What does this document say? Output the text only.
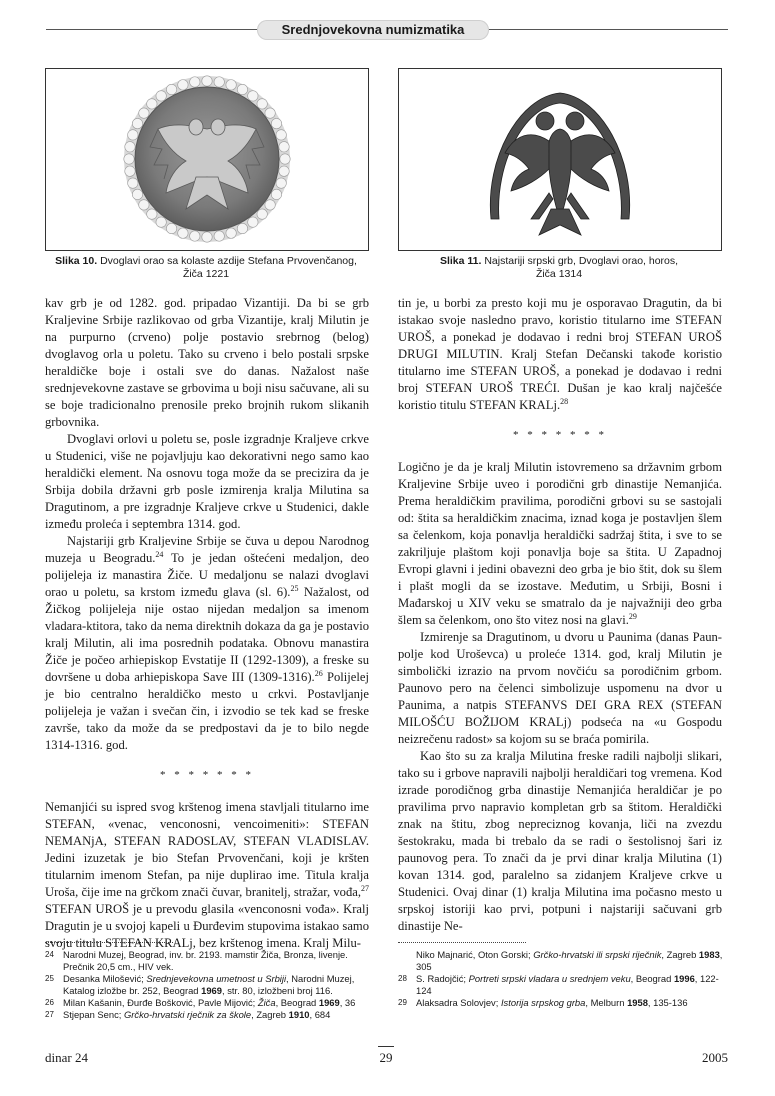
Srednjovekovna numizmatika
Slika 10. Dvoglavi orao sa kolaste azdije Stefana Prvovenčanog,
Žiča 1221
Slika 11. Najstariji srpski grb, Dvoglavi orao, horos,
Žiča 1314

kav grb je od 1282. god. pripadao Vizantiji. Da bi se grb Kraljevine Srbije razlikovao od grba Vizantije, kralj Milutin je na purpurno (crveno) polje postavio srebrnog (belog) dvoglavog orla u poletu. Tako su crveno i belo postali srpske heraldičke boje i ostali sve do danas. Nažalost naše srednjevekovne zastave se grbovima u boji nisu sačuvane, ali su se boje tradicionalno prenosile preko brojnih rukom slikanih grbovnika.

Dvoglavi orlovi u poletu se, posle izgradnje Kraljeve crkve u Studenici, više ne pojavljuju kao dekorativni nego samo kao heraldički element. Na osnovu toga može da se precizira da je Srbija dobila državni grb posle izmirenja kralja Milutina sa Dragutinom, a pre izgradnje Kraljeve crkve u Studenici, dakle između proleća i septembra 1314. god.

Najstariji grb Kraljevine Srbije se čuva u depou Narodnog muzeja u Beogradu.$^{24}$ To je jedan oštećeni medaljon, deo polijeleja iz manastira Žiče. U medaljonu se nalazi dvoglavi orao u poletu, sa krstom između glava (sl. 6).$^{25}$ Nažalost, od Žičkog polijeleja nije ostao nijedan medaljon sa imenom vladara-ktitora, tako da nema direktnih dokaza da ga je postavio kralj Milutin, ali ima posrednih podataka. Obnovu manastira Žiče je počeo arhiepiskop Evstatije II (1292-1309), a freske su dovršene u doba arhiepiskopa Save III (1309-1316).$^{26}$ Polijelej je bio centralno heraldičko mesto u crkvi. Postavljanje polijeleja je važan i svečan čin, i izvodio se tek kad se freske završe, tako da može da se predpostavi da je to bilo negde 1314-1316. god.

* * * * * * *

Nemanjići su ispred svog krštenog imena stavljali titularno ime STEFAN, «venac, venconosni, vencoimeniti»: STEFAN NEMANjA, STEFAN RADOSLAV, STEFAN VLADISLAV. Jedini izuzetak je bio Stefan Prvovenčani, koji je kršten titularnim imenom Stefan, pa nije duplirao ime. Titula kralja Uroša, čije ime na grčkom znači čuvar, branitelj, stražar, vođa,$^{27}$ STEFAN UROŠ je u prevodu glasila «venconosni vođa». Kralj Dragutin je u svojoj kapeli u Đurđevim stupovima istakao samo svoju titulu STEFAN KRALj, bez krštenog imena. Kralj Milu-

tin je, u borbi za presto koji mu je osporavao Dragutin, da bi istakao svoje nasledno pravo, koristio titularno ime STEFAN UROŠ, a ponekad je dodavao i redni broj STEFAN UROŠ DRUGI MILUTIN. Kralj Stefan Dečanski takođe koristio titularno ime STEFAN UROŠ, a ponekad je dodavao i redni broj STEFAN UROŠ TREĆI. Dušan je kao kralj najčešće koristio titulu STEFAN KRALj.$^{28}$

* * * * * * *

Logično je da je kralj Milutin istovremeno sa državnim grbom Kraljevine Srbije uveo i porodični grb dinastije Nemanjića. Prema heraldičkim pravilima, porodični grbovi su se sastojali od: štita sa heraldičkim znacima, iznad koga je postavljen šlem sa čelenkom, koja ponavlja heraldički sadržaj štita, i sve to se zakriljuje plaštom koji ponavlja boje sa štita. U Zapadnoj Evropi glavni i jedini obavezni deo grba je bio štit, dok su šlem i plašt mogli da se izostave. Međutim, u Srbiji, Bosni i Mađarskoj u XIV veku se smatralo da je najvažniji deo grba šlem sa čelenkom, ono što vitez nosi na glavi.$^{29}$

Izmirenje sa Dragutinom, u dvoru u Paunima (danas Paun-polje kod Uroševca) u proleće 1314. god, kralj Milutin je simbolički izrazio na prvom novčiću sa porodičnim grbom. Paunovo pero na čelenci simbolizuje uspomenu na dvor u Paunima, a natpis STEFANVS DEI GRA REX (STEFAN MILOŠĆU BOŽIJOM KRALj) podseća na «u Gospodu neizrečenu radost» sa kojom su se braća pomirila.

Kao što su za kralja Milutina freske radili najbolji slikari, tako su i grbove napravili najbolji heraldičari tog vremena. Kod izrade porodičnog grba dinastije Nemanjića heraldičar je po pravilima prvo napravio kompletan grb sa štitom. Heraldički znak na štitu, zbog nepreciznog kovanja, liči na zvezdu šestokraku, mada bi trebalo da se radi o šestolisnoj šari iz paunovog pera. To znači da je prvi dinar kralja Milutina (1) kovan 1314. god, paralelno sa zidanjem Kraljeve crkve u Studenici. Ovaj dinar (1) kralja Milutina ima počasno mesto u srpskoj istoriji kao prvi, potpuni i najstariji sačuvani grb dinastije Ne-

24 Narodni Muzej, Beograd, inv. br. 2193. mamstir Žiča, Bronza, livenje. Prečnik 20,5 cm., HIV vek.
25 Desanka Milošević; Srednjevekovna umetnost u Srbiji, Narodni Muzej, Katalog izložbe br. 252, Beograd 1969, str. 80, izložbeni broj 116.
26 Milan Kašanin, Đurđe Bošković, Pavle Mijović; Žiča, Beograd 1969, 36
27 Stjepan Senc; Grčko-hrvatski rječnik za škole, Zagreb 1910, 684
Niko Majnarić, Oton Gorski; Grčko-hrvatski ili srpski riječnik, Zagreb 1983, 305
28 S. Radojčić; Portreti srpski vladara u srednjem veku, Beograd 1996, 122-124
29 Alaksadra Solovjev; Istorija srpskog grba, Melburn 1958, 135-136
dinar 24	29	2005
